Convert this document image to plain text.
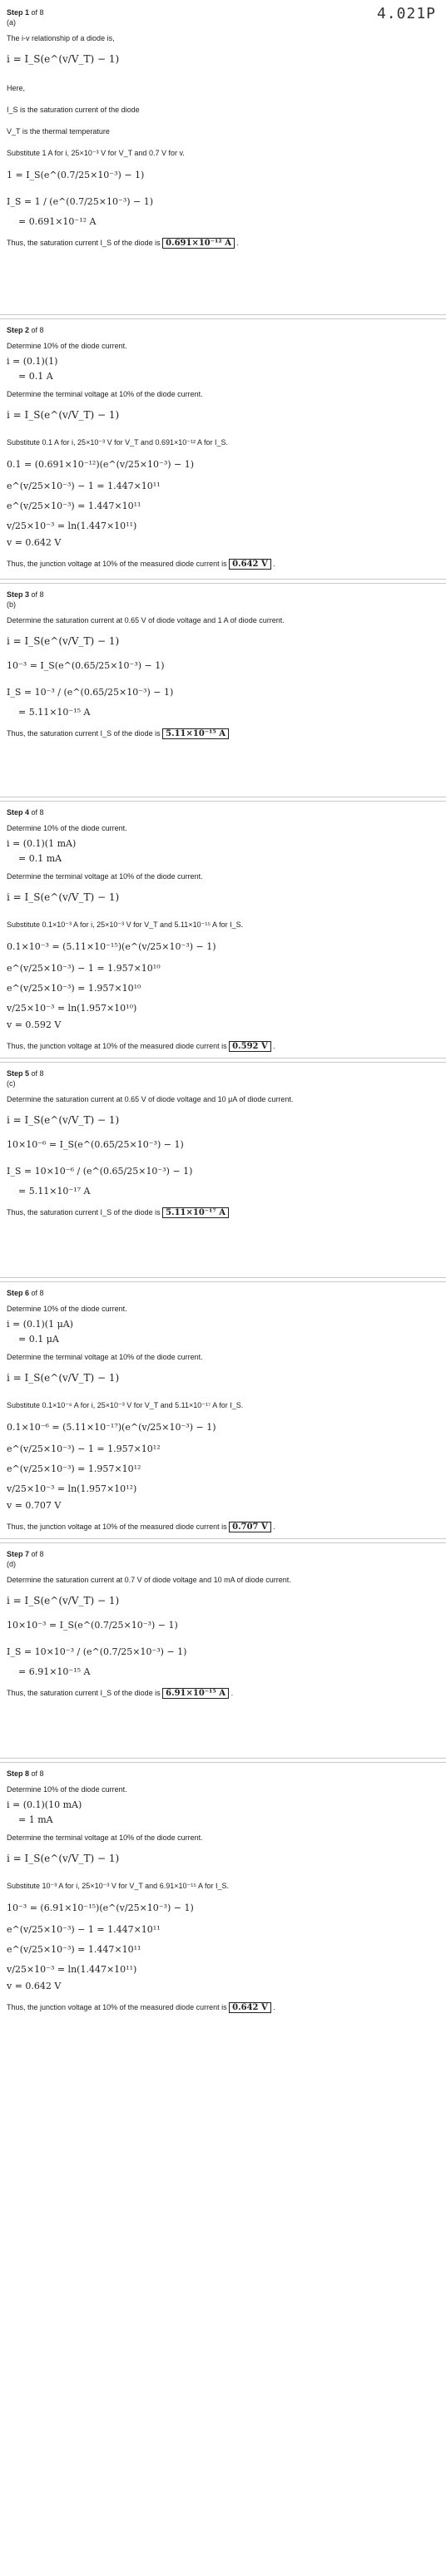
4.021P
Step 1 of 8
(a)
The i-v relationship of a diode is,
i = I_S(e^(v/V_T) − 1)
Here,
I_S is the saturation current of the diode
V_T is the thermal temperature
Substitute 1 A for i, 25×10⁻³ V for V_T and 0.7 V for v.
1 = I_S(e^(0.7/25×10⁻³) − 1)
I_S = 1 / (e^(0.7/25×10⁻³) − 1)
= 0.691×10⁻¹² A
Thus, the saturation current I_S of the diode is 0.691×10⁻¹² A .
Step 2 of 8
Determine 10% of the diode current.
i = (0.1)(1)
= 0.1 A
Determine the terminal voltage at 10% of the diode current.
i = I_S(e^(v/V_T) − 1)
Substitute 0.1 A for i, 25×10⁻³ V for V_T and 0.691×10⁻¹² A for I_S.
0.1 = (0.691×10⁻¹²)(e^(v/25×10⁻³) − 1)
e^(v/25×10⁻³) − 1 = 1.447×10¹¹
e^(v/25×10⁻³) = 1.447×10¹¹
v/25×10⁻³ = ln(1.447×10¹¹)
v = 0.642 V
Thus, the junction voltage at 10% of the measured diode current is 0.642 V .
Step 3 of 8
(b)
Determine the saturation current at 0.65 V of diode voltage and 1 A of diode current.
i = I_S(e^(v/V_T) − 1)
10⁻³ = I_S(e^(0.65/25×10⁻³) − 1)
I_S = 10⁻³ / (e^(0.65/25×10⁻³) − 1)
= 5.11×10⁻¹⁵ A
Thus, the saturation current I_S of the diode is 5.11×10⁻¹⁵ A
Step 4 of 8
Determine 10% of the diode current.
i = (0.1)(1 mA)
= 0.1 mA
Determine the terminal voltage at 10% of the diode current.
i = I_S(e^(v/V_T) − 1)
Substitute 0.1×10⁻³ A for i, 25×10⁻³ V for V_T and 5.11×10⁻¹⁵ A for I_S.
0.1×10⁻³ = (5.11×10⁻¹⁵)(e^(v/25×10⁻³) − 1)
e^(v/25×10⁻³) − 1 = 1.957×10¹⁰
e^(v/25×10⁻³) = 1.957×10¹⁰
v/25×10⁻³ = ln(1.957×10¹⁰)
v = 0.592 V
Thus, the junction voltage at 10% of the measured diode current is 0.592 V .
Step 5 of 8
(c)
Determine the saturation current at 0.65 V of diode voltage and 10 μA of diode current.
i = I_S(e^(v/V_T) − 1)
10×10⁻⁶ = I_S(e^(0.65/25×10⁻³) − 1)
I_S = 10×10⁻⁶ / (e^(0.65/25×10⁻³) − 1)
= 5.11×10⁻¹⁷ A
Thus, the saturation current I_S of the diode is 5.11×10⁻¹⁷ A
Step 6 of 8
Determine 10% of the diode current.
i = (0.1)(1 μA)
= 0.1 μA
Determine the terminal voltage at 10% of the diode current.
i = I_S(e^(v/V_T) − 1)
Substitute 0.1×10⁻⁶ A for i, 25×10⁻³ V for V_T and 5.11×10⁻¹⁷ A for I_S.
0.1×10⁻⁶ = (5.11×10⁻¹⁷)(e^(v/25×10⁻³) − 1)
e^(v/25×10⁻³) − 1 = 1.957×10¹²
e^(v/25×10⁻³) = 1.957×10¹²
v/25×10⁻³ = ln(1.957×10¹²)
v = 0.707 V
Thus, the junction voltage at 10% of the measured diode current is 0.707 V .
Step 7 of 8
(d)
Determine the saturation current at 0.7 V of diode voltage and 10 mA of diode current.
i = I_S(e^(v/V_T) − 1)
10×10⁻³ = I_S(e^(0.7/25×10⁻³) − 1)
I_S = 10×10⁻³ / (e^(0.7/25×10⁻³) − 1)
= 6.91×10⁻¹⁵ A
Thus, the saturation current I_S of the diode is 6.91×10⁻¹⁵ A .
Step 8 of 8
Determine 10% of the diode current.
i = (0.1)(10 mA)
= 1 mA
Determine the terminal voltage at 10% of the diode current.
i = I_S(e^(v/V_T) − 1)
Substitute 10⁻³ A for i, 25×10⁻³ V for V_T and 6.91×10⁻¹⁵ A for I_S.
10⁻³ = (6.91×10⁻¹⁵)(e^(v/25×10⁻³) − 1)
e^(v/25×10⁻³) − 1 = 1.447×10¹¹
e^(v/25×10⁻³) = 1.447×10¹¹
v/25×10⁻³ = ln(1.447×10¹¹)
v = 0.642 V
Thus, the junction voltage at 10% of the measured diode current is 0.642 V .
